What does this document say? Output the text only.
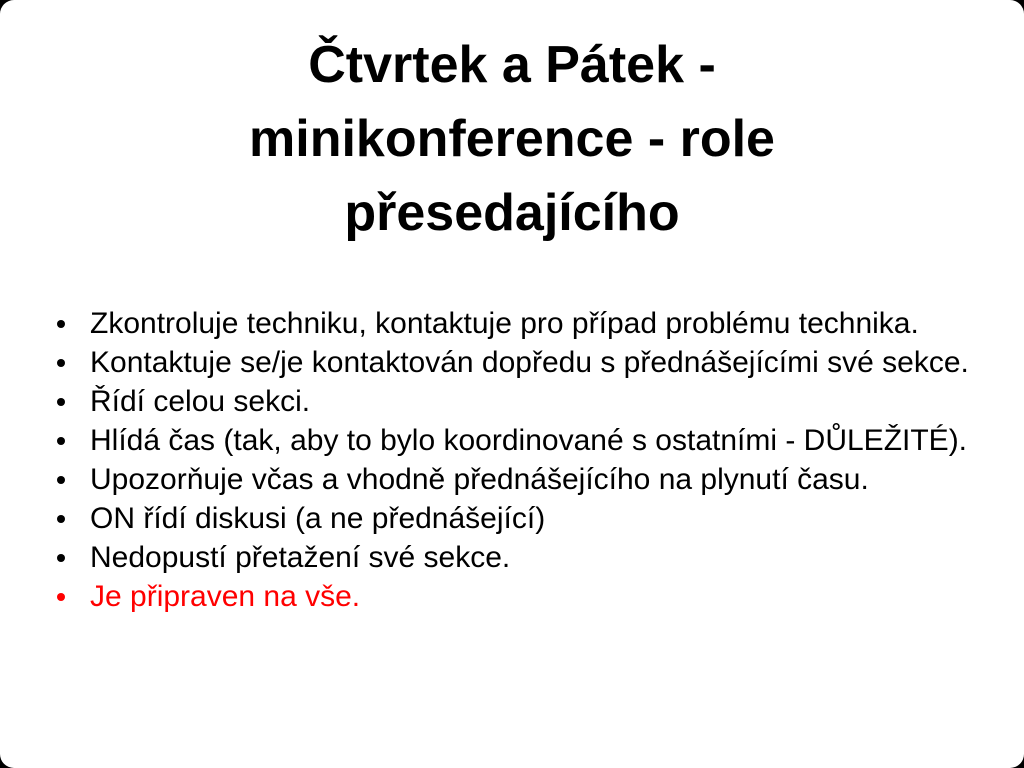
Čtvrtek a Pátek - minikonference - role přesedajícího
Zkontroluje techniku, kontaktuje pro případ problému technika.
Kontaktuje se/je kontaktován dopředu s přednášejícími své sekce.
Řídí celou sekci.
Hlídá čas (tak, aby to bylo koordinované s ostatními - DŮLEŽITÉ).
Upozorňuje včas a vhodně přednášejícího na plynutí času.
ON řídí diskusi (a ne přednášející)
Nedopustí přetažení své sekce.
Je připraven na vše.
